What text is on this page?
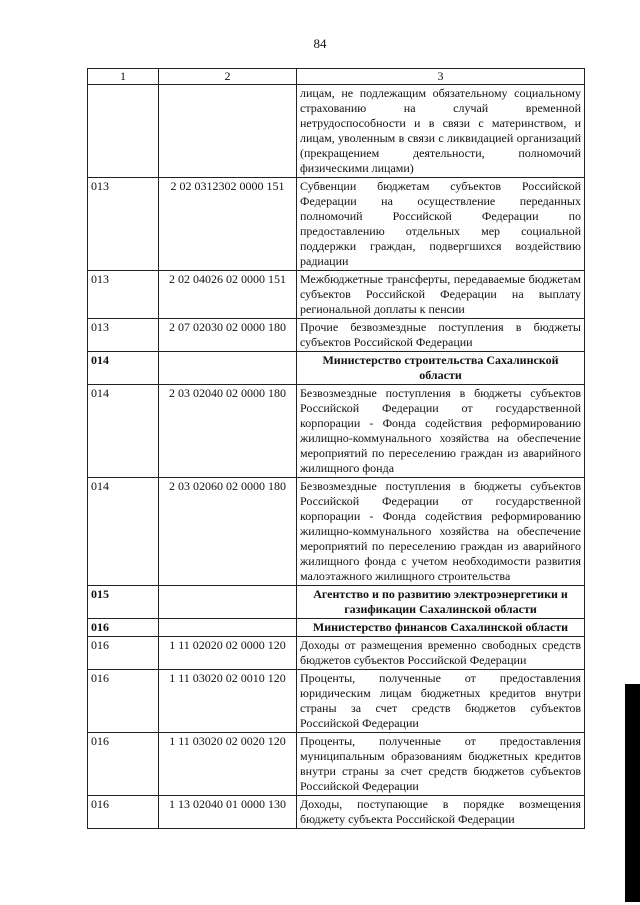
84
1	2	3
		лицам, не подлежащим обязательному социальному страхованию на случай временной нетрудоспособности и в связи с материнством, и лицам, уволенным в связи с ликвидацией организаций (прекращением деятельности, полномочий физическими лицами)
013	2 02 0312302 0000 151	Субвенции бюджетам субъектов Российской Федерации на осуществление переданных полномочий Российской Федерации по предоставлению отдельных мер социальной поддержки граждан, подвергшихся воздействию радиации
013	2 02 04026 02 0000 151	Межбюджетные трансферты, передаваемые бюджетам субъектов Российской Федерации на выплату региональной доплаты к пенсии
013	2 07 02030 02 0000 180	Прочие безвозмездные поступления в бюджеты субъектов Российской Федерации
014		Министерство строительства Сахалинской области
014	2 03 02040 02 0000 180	Безвозмездные поступления в бюджеты субъектов Российской Федерации от государственной корпорации - Фонда содействия реформированию жилищно-коммунального хозяйства на обеспечение мероприятий по переселению граждан из аварийного жилищного фонда
014	2 03 02060 02 0000 180	Безвозмездные поступления в бюджеты субъектов Российской Федерации от государственной корпорации - Фонда содействия реформированию жилищно-коммунального хозяйства на обеспечение мероприятий по переселению граждан из аварийного жилищного фонда с учетом необходимости развития малоэтажного жилищного строительства
015		Агентство и по развитию электроэнергетики и газификации Сахалинской области
016		Министерство финансов Сахалинской области
016	1 11 02020 02 0000 120	Доходы от размещения временно свободных средств бюджетов субъектов Российской Федерации
016	1 11 03020 02 0010 120	Проценты, полученные от предоставления юридическим лицам бюджетных кредитов внутри страны за счет средств бюджетов субъектов Российской Федерации
016	1 11 03020 02 0020 120	Проценты, полученные от предоставления муниципальным образованиям бюджетных кредитов внутри страны за счет средств бюджетов субъектов Российской Федерации
016	1 13 02040 01 0000 130	Доходы, поступающие в порядке возмещения бюджету субъекта Российской Федерации
